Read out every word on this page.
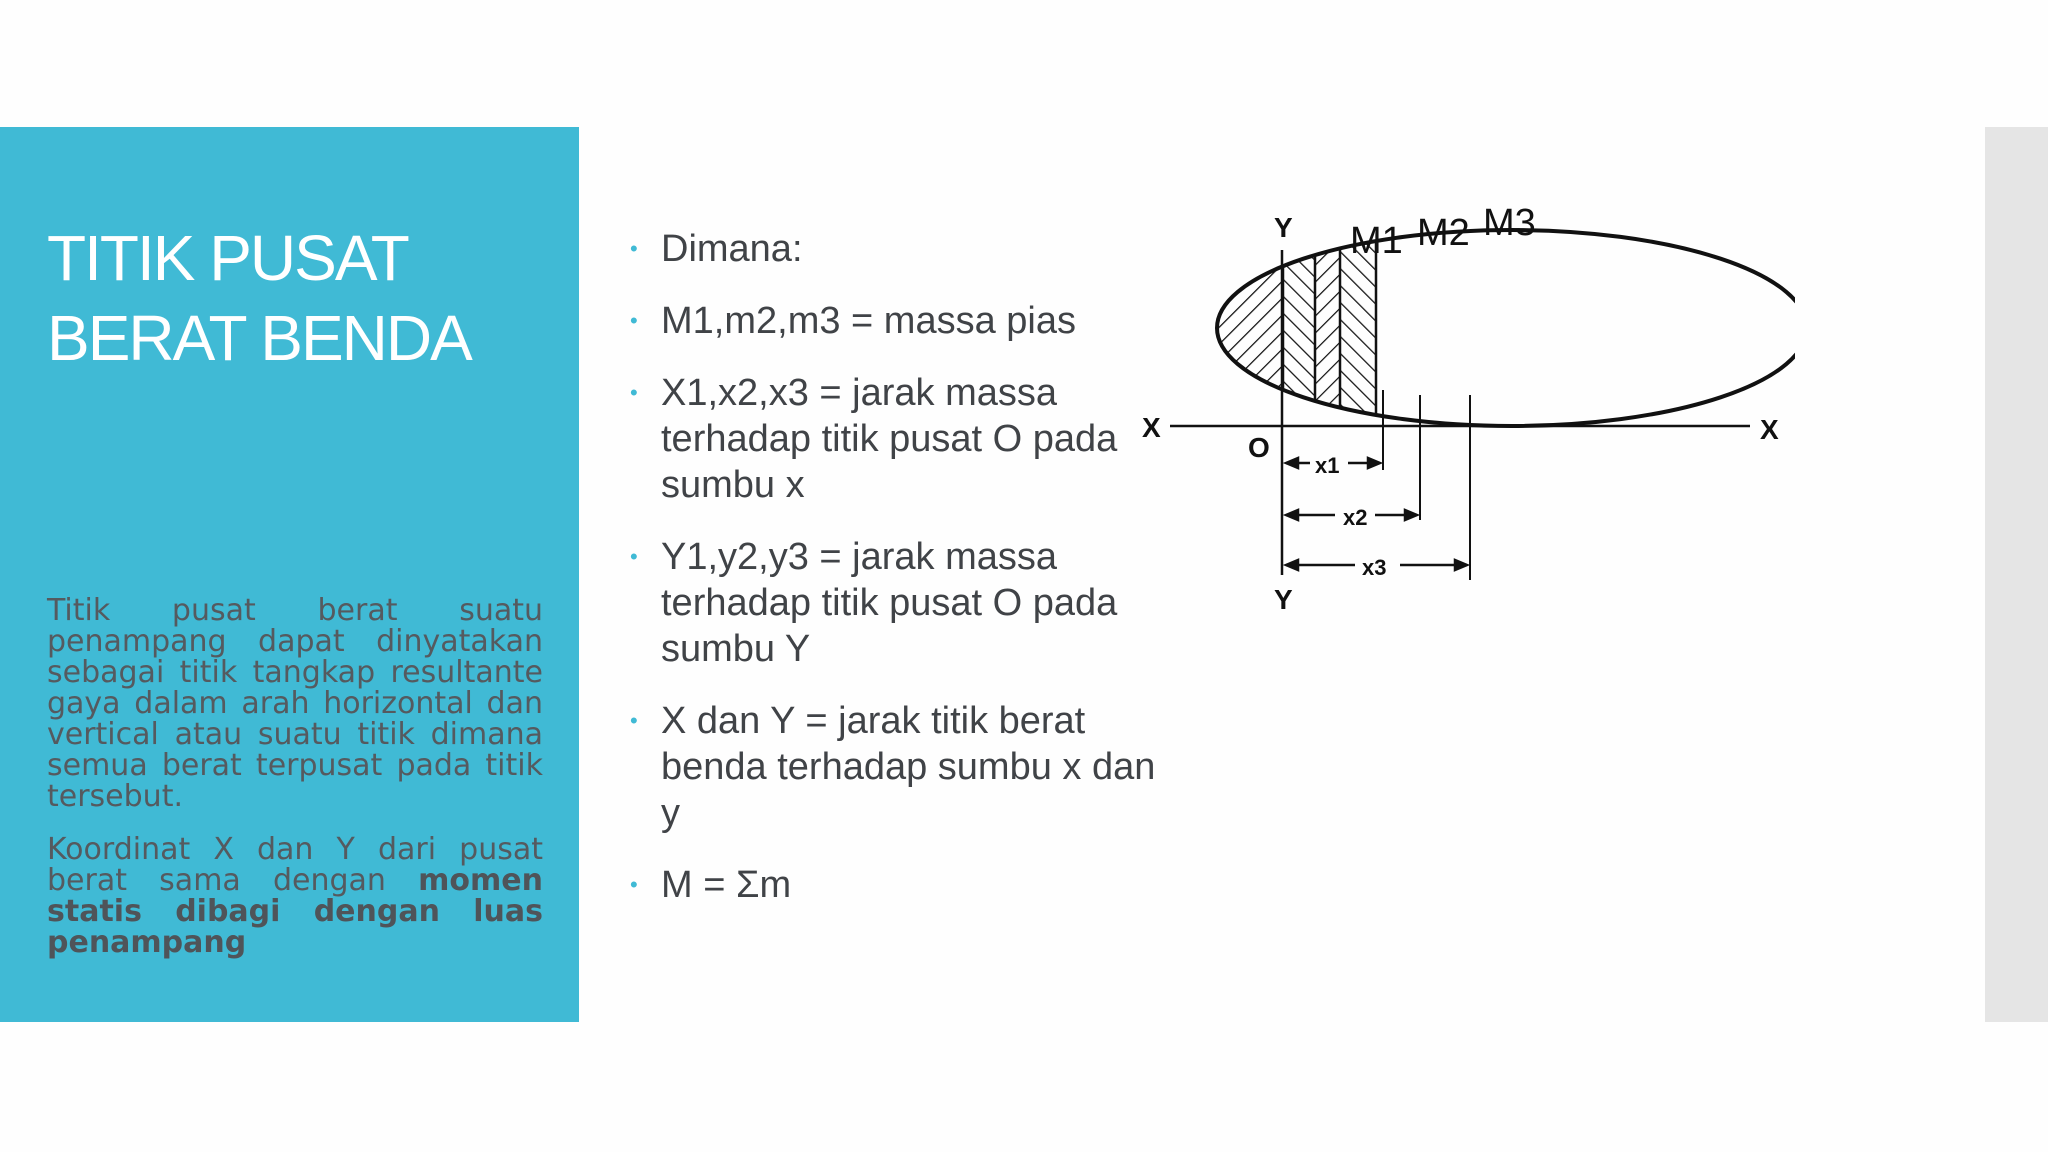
TITIK PUSAT
BERAT BENDA

Titik pusat berat suatu penampang dapat dinyatakan sebagai titik tangkap resultante gaya dalam arah horizontal dan vertical atau suatu titik dimana semua berat terpusat pada titik tersebut.

Koordinat X dan Y dari pusat berat sama dengan momen statis dibagi dengan luas penampang

• Dimana:
• M1,m2,m3 = massa pias
• X1,x2,x3 = jarak massa terhadap titik pusat O pada sumbu x
• Y1,y2,y3 = jarak massa terhadap titik pusat O pada sumbu Y
• X dan Y = jarak titik berat benda terhadap sumbu x dan y
• M = Σm
Y
Y
X	X
O
M1 M2 M3
x1
x2
x3
